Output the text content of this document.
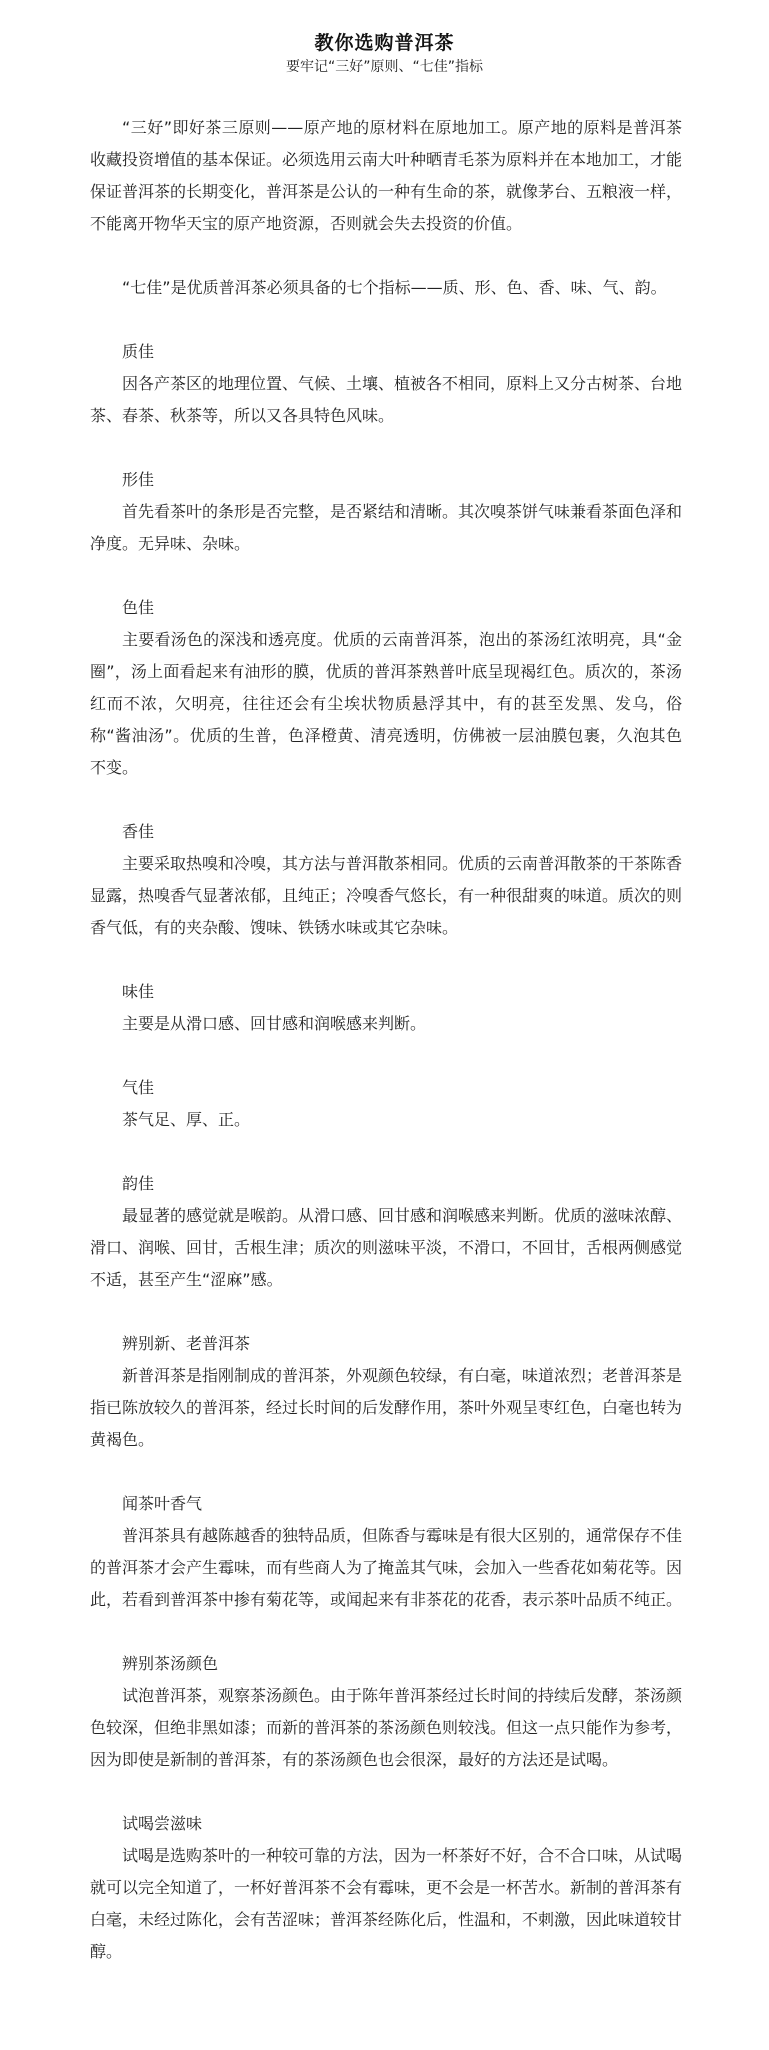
教你选购普洱茶
要牢记“三好”原则、“七佳”指标

“三好”即好茶三原则——原产地的原材料在原地加工。原产地的原料是普洱茶收藏投资增值的基本保证。必须选用云南大叶种晒青毛茶为原料并在本地加工，才能保证普洱茶的长期变化，普洱茶是公认的一种有生命的茶，就像茅台、五粮液一样，不能离开物华天宝的原产地资源，否则就会失去投资的价值。

“七佳”是优质普洱茶必须具备的七个指标——质、形、色、香、味、气、韵。

质佳

因各产茶区的地理位置、气候、土壤、植被各不相同，原料上又分古树茶、台地茶、春茶、秋茶等，所以又各具特色风味。

形佳

首先看茶叶的条形是否完整，是否紧结和清晰。其次嗅茶饼气味兼看茶面色泽和净度。无异味、杂味。

色佳

主要看汤色的深浅和透亮度。优质的云南普洱茶，泡出的茶汤红浓明亮，具“金圈”，汤上面看起来有油形的膜，优质的普洱茶熟普叶底呈现褐红色。质次的，茶汤红而不浓，欠明亮，往往还会有尘埃状物质悬浮其中，有的甚至发黑、发乌，俗称“酱油汤”。优质的生普，色泽橙黄、清亮透明，仿佛被一层油膜包裹，久泡其色不变。

香佳

主要采取热嗅和冷嗅，其方法与普洱散茶相同。优质的云南普洱散茶的干茶陈香显露，热嗅香气显著浓郁，且纯正；冷嗅香气悠长，有一种很甜爽的味道。质次的则香气低，有的夹杂酸、馊味、铁锈水味或其它杂味。

味佳

主要是从滑口感、回甘感和润喉感来判断。

气佳

茶气足、厚、正。

韵佳

最显著的感觉就是喉韵。从滑口感、回甘感和润喉感来判断。优质的滋味浓醇、滑口、润喉、回甘，舌根生津；质次的则滋味平淡，不滑口，不回甘，舌根两侧感觉不适，甚至产生“涩麻”感。

辨别新、老普洱茶

新普洱茶是指刚制成的普洱茶，外观颜色较绿，有白毫，味道浓烈；老普洱茶是指已陈放较久的普洱茶，经过长时间的后发酵作用，茶叶外观呈枣红色，白毫也转为黄褐色。

闻茶叶香气

普洱茶具有越陈越香的独特品质，但陈香与霉味是有很大区别的，通常保存不佳的普洱茶才会产生霉味，而有些商人为了掩盖其气味，会加入一些香花如菊花等。因此，若看到普洱茶中掺有菊花等，或闻起来有非茶花的花香，表示茶叶品质不纯正。

辨别茶汤颜色

试泡普洱茶，观察茶汤颜色。由于陈年普洱茶经过长时间的持续后发酵，茶汤颜色较深，但绝非黑如漆；而新的普洱茶的茶汤颜色则较浅。但这一点只能作为参考，因为即使是新制的普洱茶，有的茶汤颜色也会很深，最好的方法还是试喝。

试喝尝滋味

试喝是选购茶叶的一种较可靠的方法，因为一杯茶好不好，合不合口味，从试喝就可以完全知道了，一杯好普洱茶不会有霉味，更不会是一杯苦水。新制的普洱茶有白毫，未经过陈化，会有苦涩味；普洱茶经陈化后，性温和，不刺激，因此味道较甘醇。
